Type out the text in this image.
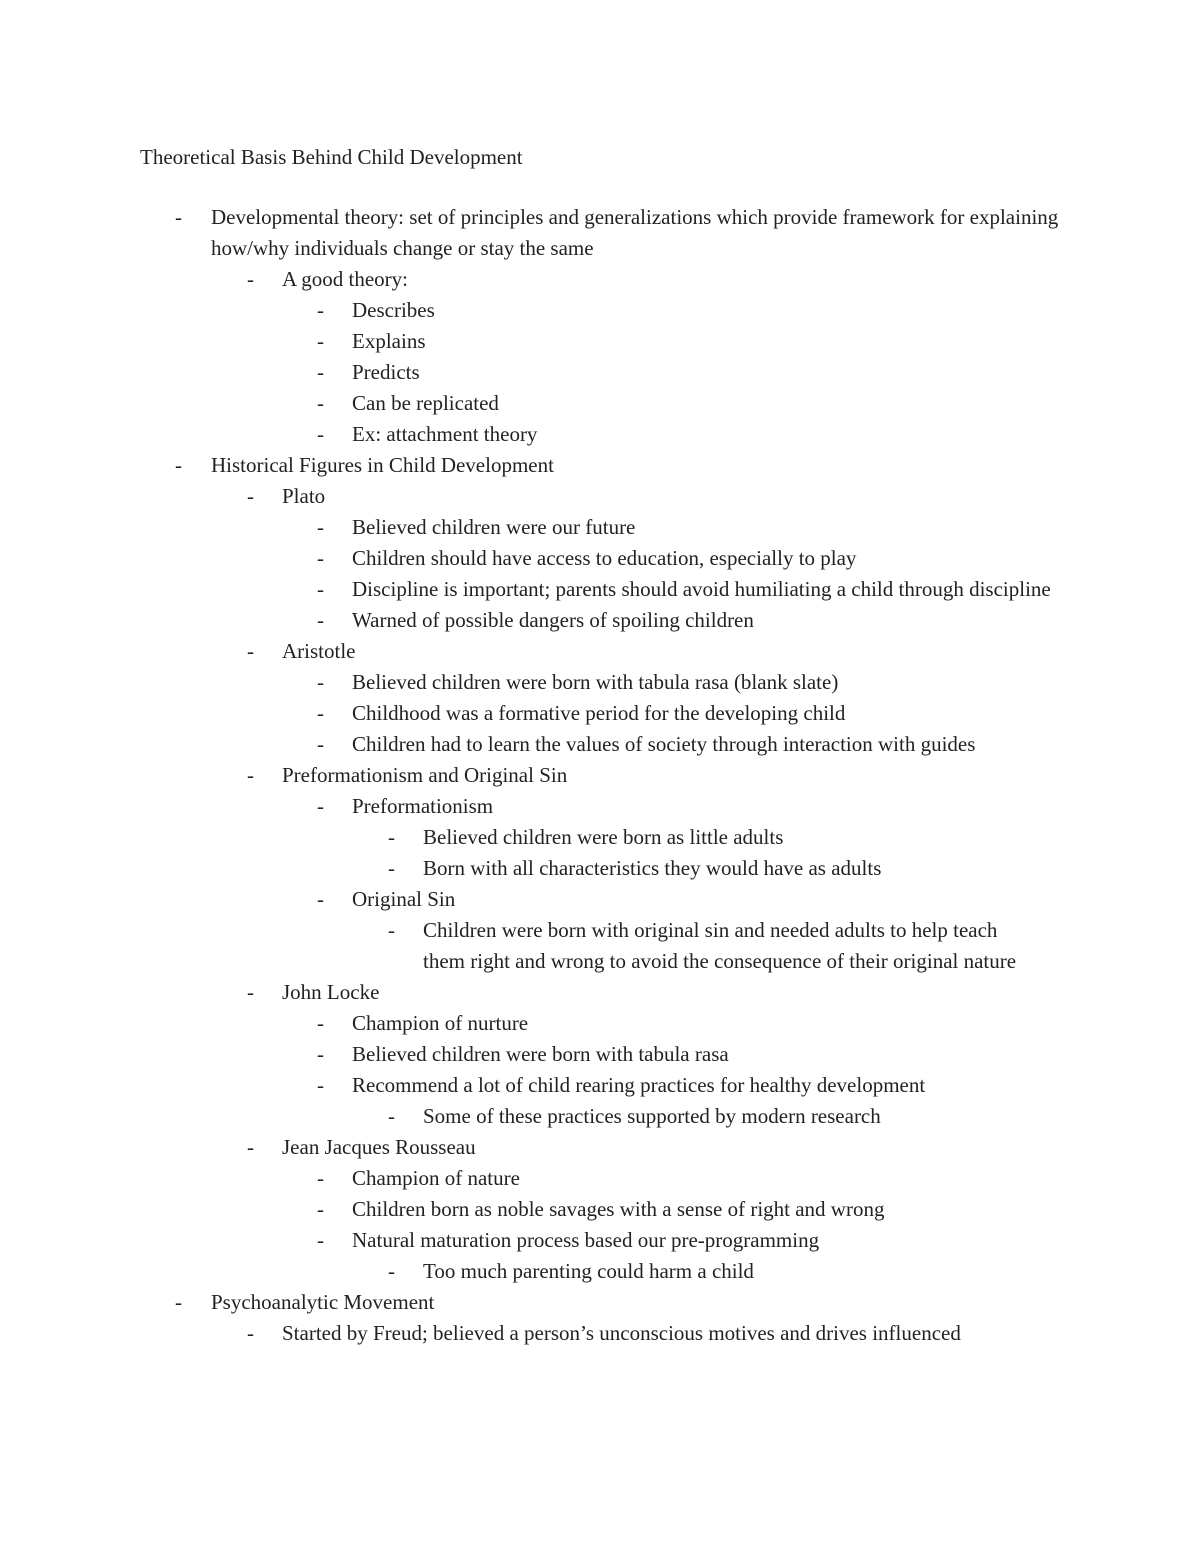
Theoretical Basis Behind Child Development
- Developmental theory: set of principles and generalizations which provide framework for explaining how/why individuals change or stay the same
- A good theory:
- Describes
- Explains
- Predicts
- Can be replicated
- Ex: attachment theory
- Historical Figures in Child Development
- Plato
- Believed children were our future
- Children should have access to education, especially to play
- Discipline is important; parents should avoid humiliating a child through discipline
- Warned of possible dangers of spoiling children
- Aristotle
- Believed children were born with tabula rasa (blank slate)
- Childhood was a formative period for the developing child
- Children had to learn the values of society through interaction with guides
- Preformationism and Original Sin
- Preformationism
- Believed children were born as little adults
- Born with all characteristics they would have as adults
- Original Sin
- Children were born with original sin and needed adults to help teach them right and wrong to avoid the consequence of their original nature
- John Locke
- Champion of nurture
- Believed children were born with tabula rasa
- Recommend a lot of child rearing practices for healthy development
- Some of these practices supported by modern research
- Jean Jacques Rousseau
- Champion of nature
- Children born as noble savages with a sense of right and wrong
- Natural maturation process based our pre-programming
- Too much parenting could harm a child
- Psychoanalytic Movement
- Started by Freud; believed a person’s unconscious motives and drives influenced
